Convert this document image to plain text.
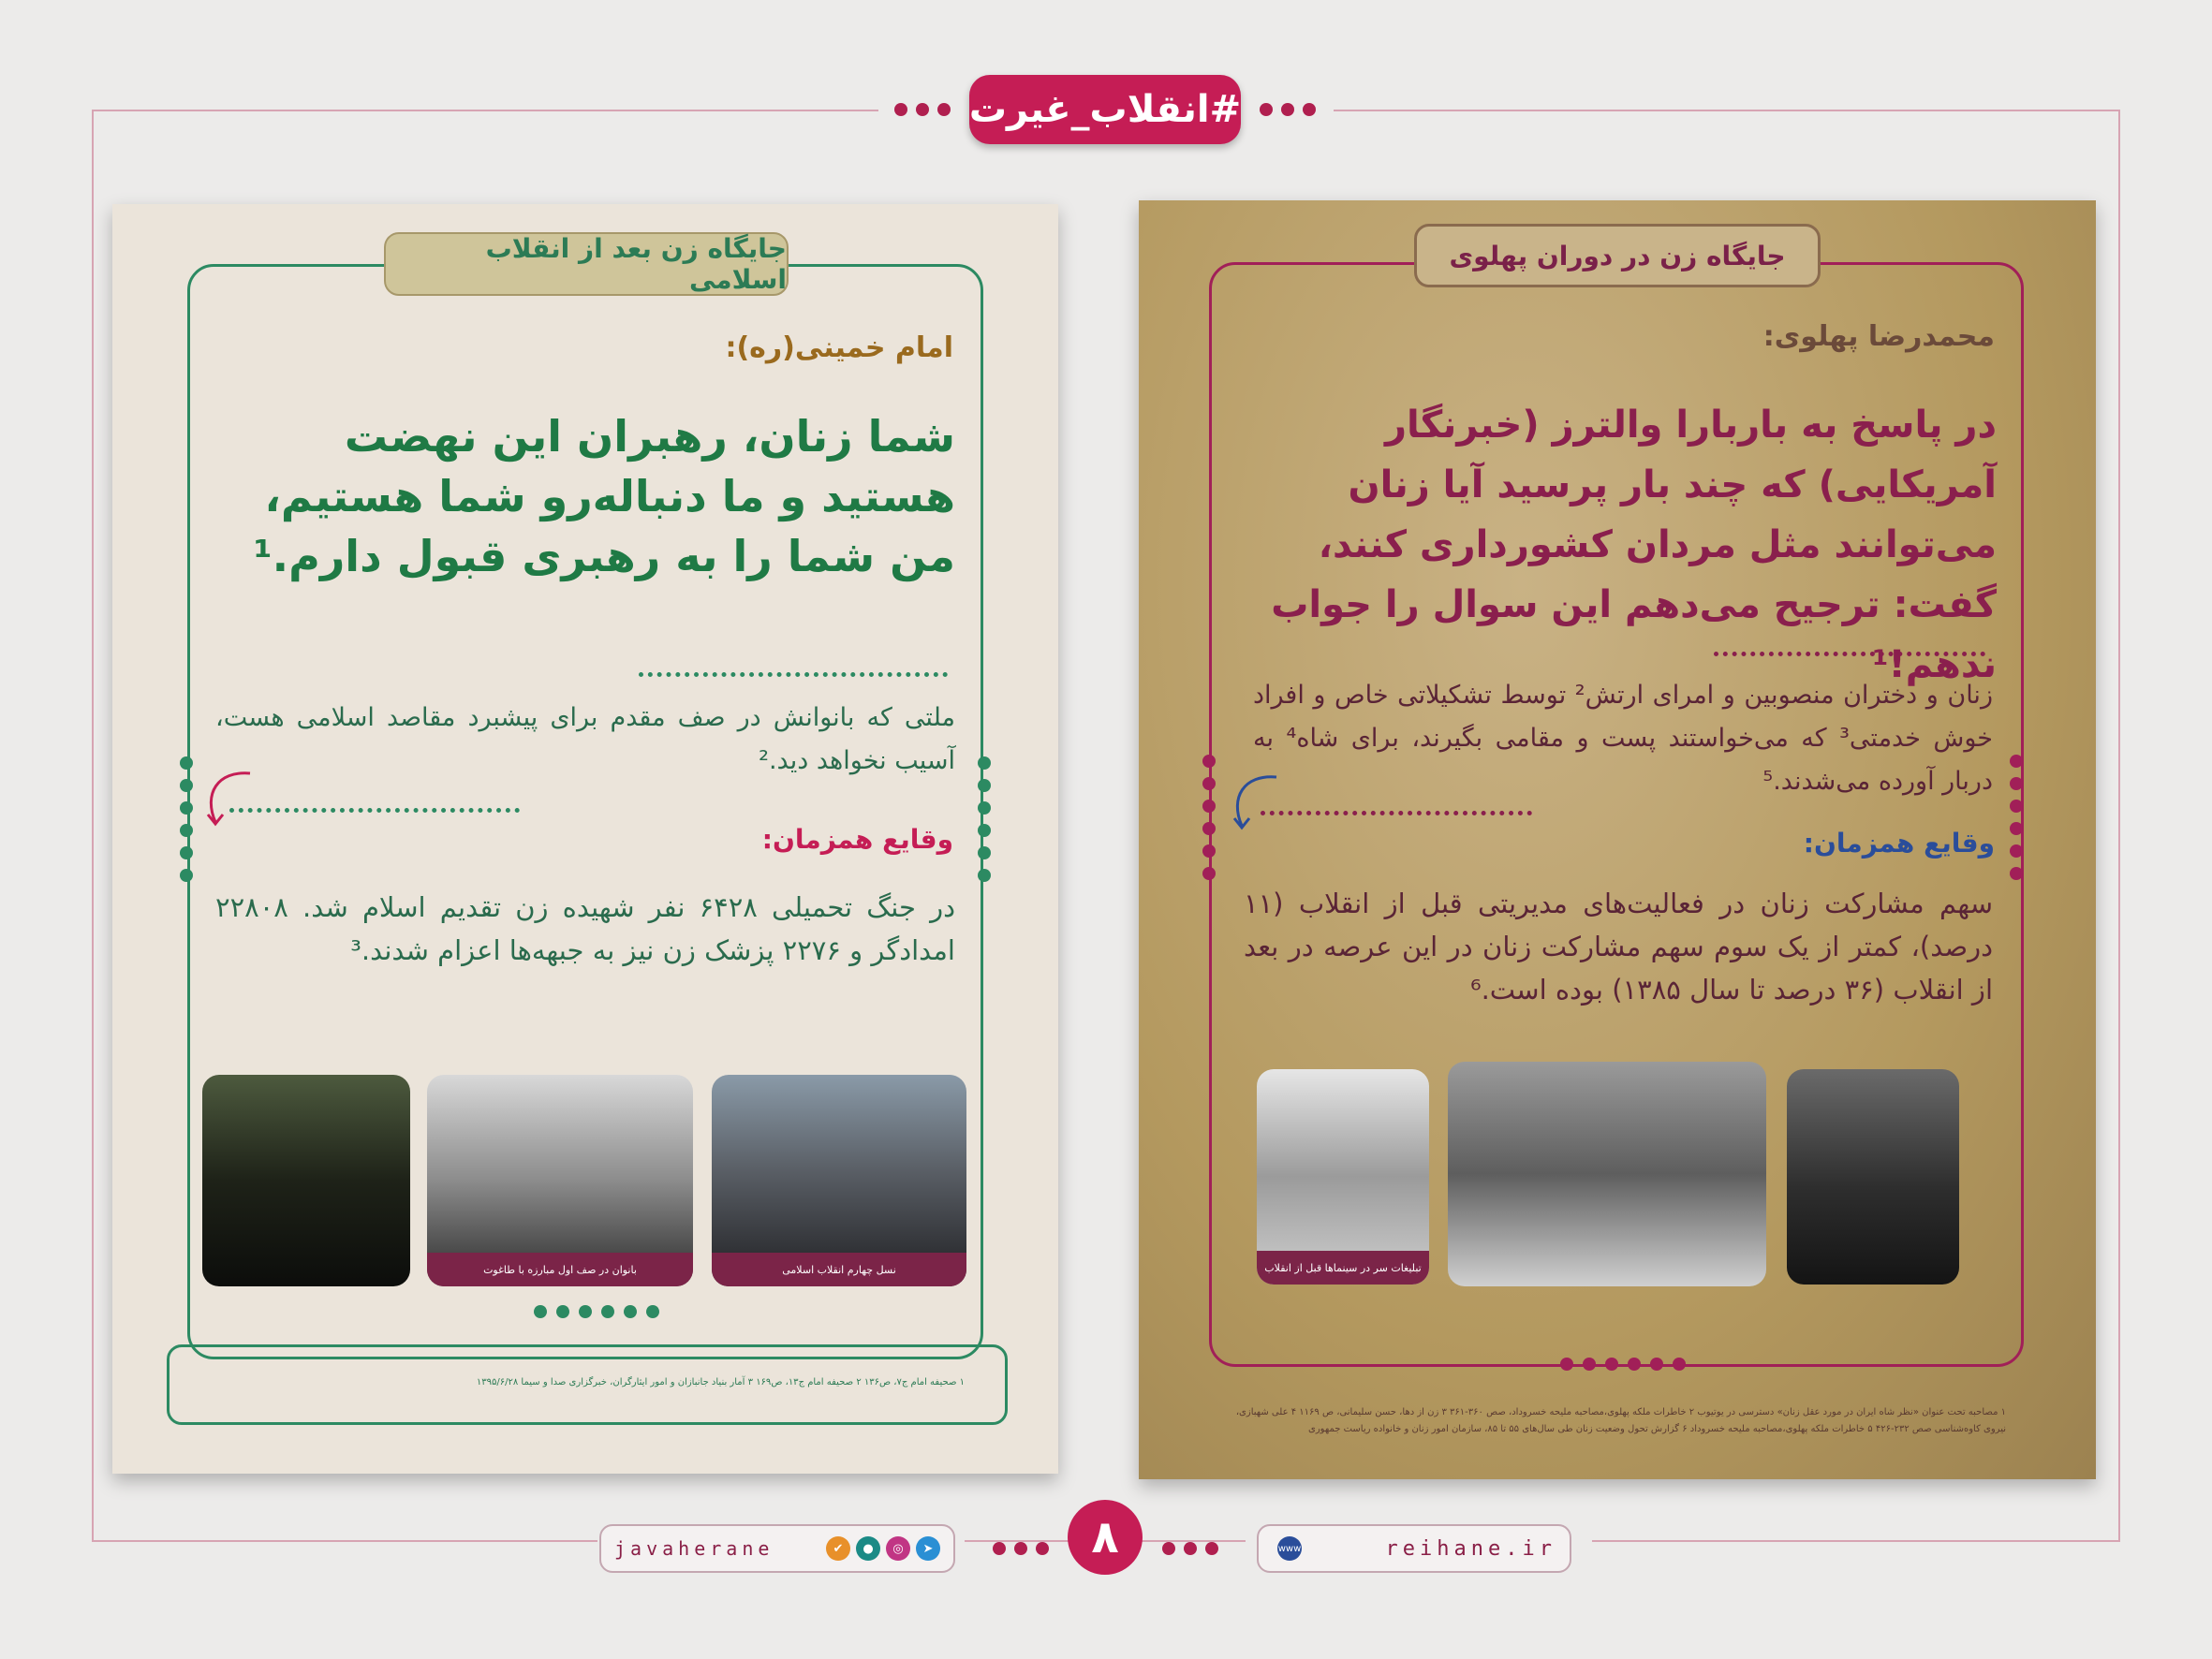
#انقلاب_غیرت
جایگاه زن بعد از انقلاب اسلامی
امام خمینی(ره):
شما زنان، رهبران این نهضت هستید و ما دنباله‌رو شما هستیم، من شما را به رهبری قبول دارم.¹
ملتی که بانوانش در صف مقدم برای پیشبرد مقاصد اسلامی هست، آسیب نخواهد دید.²
وقایع همزمان:
در جنگ تحمیلی ۶۴۲۸ نفر شهیده زن تقدیم اسلام شد. ۲۲۸۰۸ امدادگر و ۲۲۷۶ پزشک زن نیز به جبهه‌ها اعزام شدند.³
نسل چهارم انقلاب اسلامی
بانوان در صف اول مبارزه با طاغوت
۱ صحیفه امام ج۷، ص۱۳۶ ۲ صحیفه امام ج۱۳، ص۱۶۹ ۳ آمار بنیاد جانبازان و امور ایثارگران، خبرگزاری صدا و سیما ۱۳۹۵/۶/۲۸
جایگاه زن در دوران پهلوی
محمدرضا پهلوی:
در پاسخ به باربارا والترز (خبرنگار آمریکایی) که چند بار پرسید آیا زنان می‌توانند مثل مردان کشورداری کنند، گفت: ترجیح می‌دهم این سوال را جواب ندهم!¹
زنان و دختران منصوبین و امرای ارتش² توسط تشکیلاتی خاص و افراد خوش خدمتی³ که می‌خواستند پست و مقامی بگیرند، برای شاه⁴ به دربار آورده می‌شدند.⁵
وقایع همزمان:
سهم مشارکت زنان در فعالیت‌های مدیریتی قبل از انقلاب (۱۱ درصد)، کمتر از یک سوم سهم مشارکت زنان در این عرصه در بعد از انقلاب (۳۶ درصد تا سال ۱۳۸۵) بوده است.⁶
تبلیغات سر در سینماها قبل از انقلاب
۱ مصاحبه تحت عنوان «نظر شاه ایران در مورد عقل زنان» دسترسی در یوتیوب ۲ خاطرات ملکه پهلوی،مصاحبه ملیحه خسروداد، صص ۳۶۰-۳۶۱ ۳ زن از دها، حسن سلیمانی، ص ۱۱۶۹ ۴ علی شهبازی، نیروی کاوه‌شناسی صص ۲۳۲-۴۲۶ ۵ خاطرات ملکه پهلوی،مصاحبه ملیحه خسروداد ۶ گزارش تحول وضعیت زنان طی سال‌های ۵۵ تا ۸۵، سازمان امور زنان و خانواده ریاست جمهوری
javaherane	➤
◎
●
✔	۸	www	reihane.ir
